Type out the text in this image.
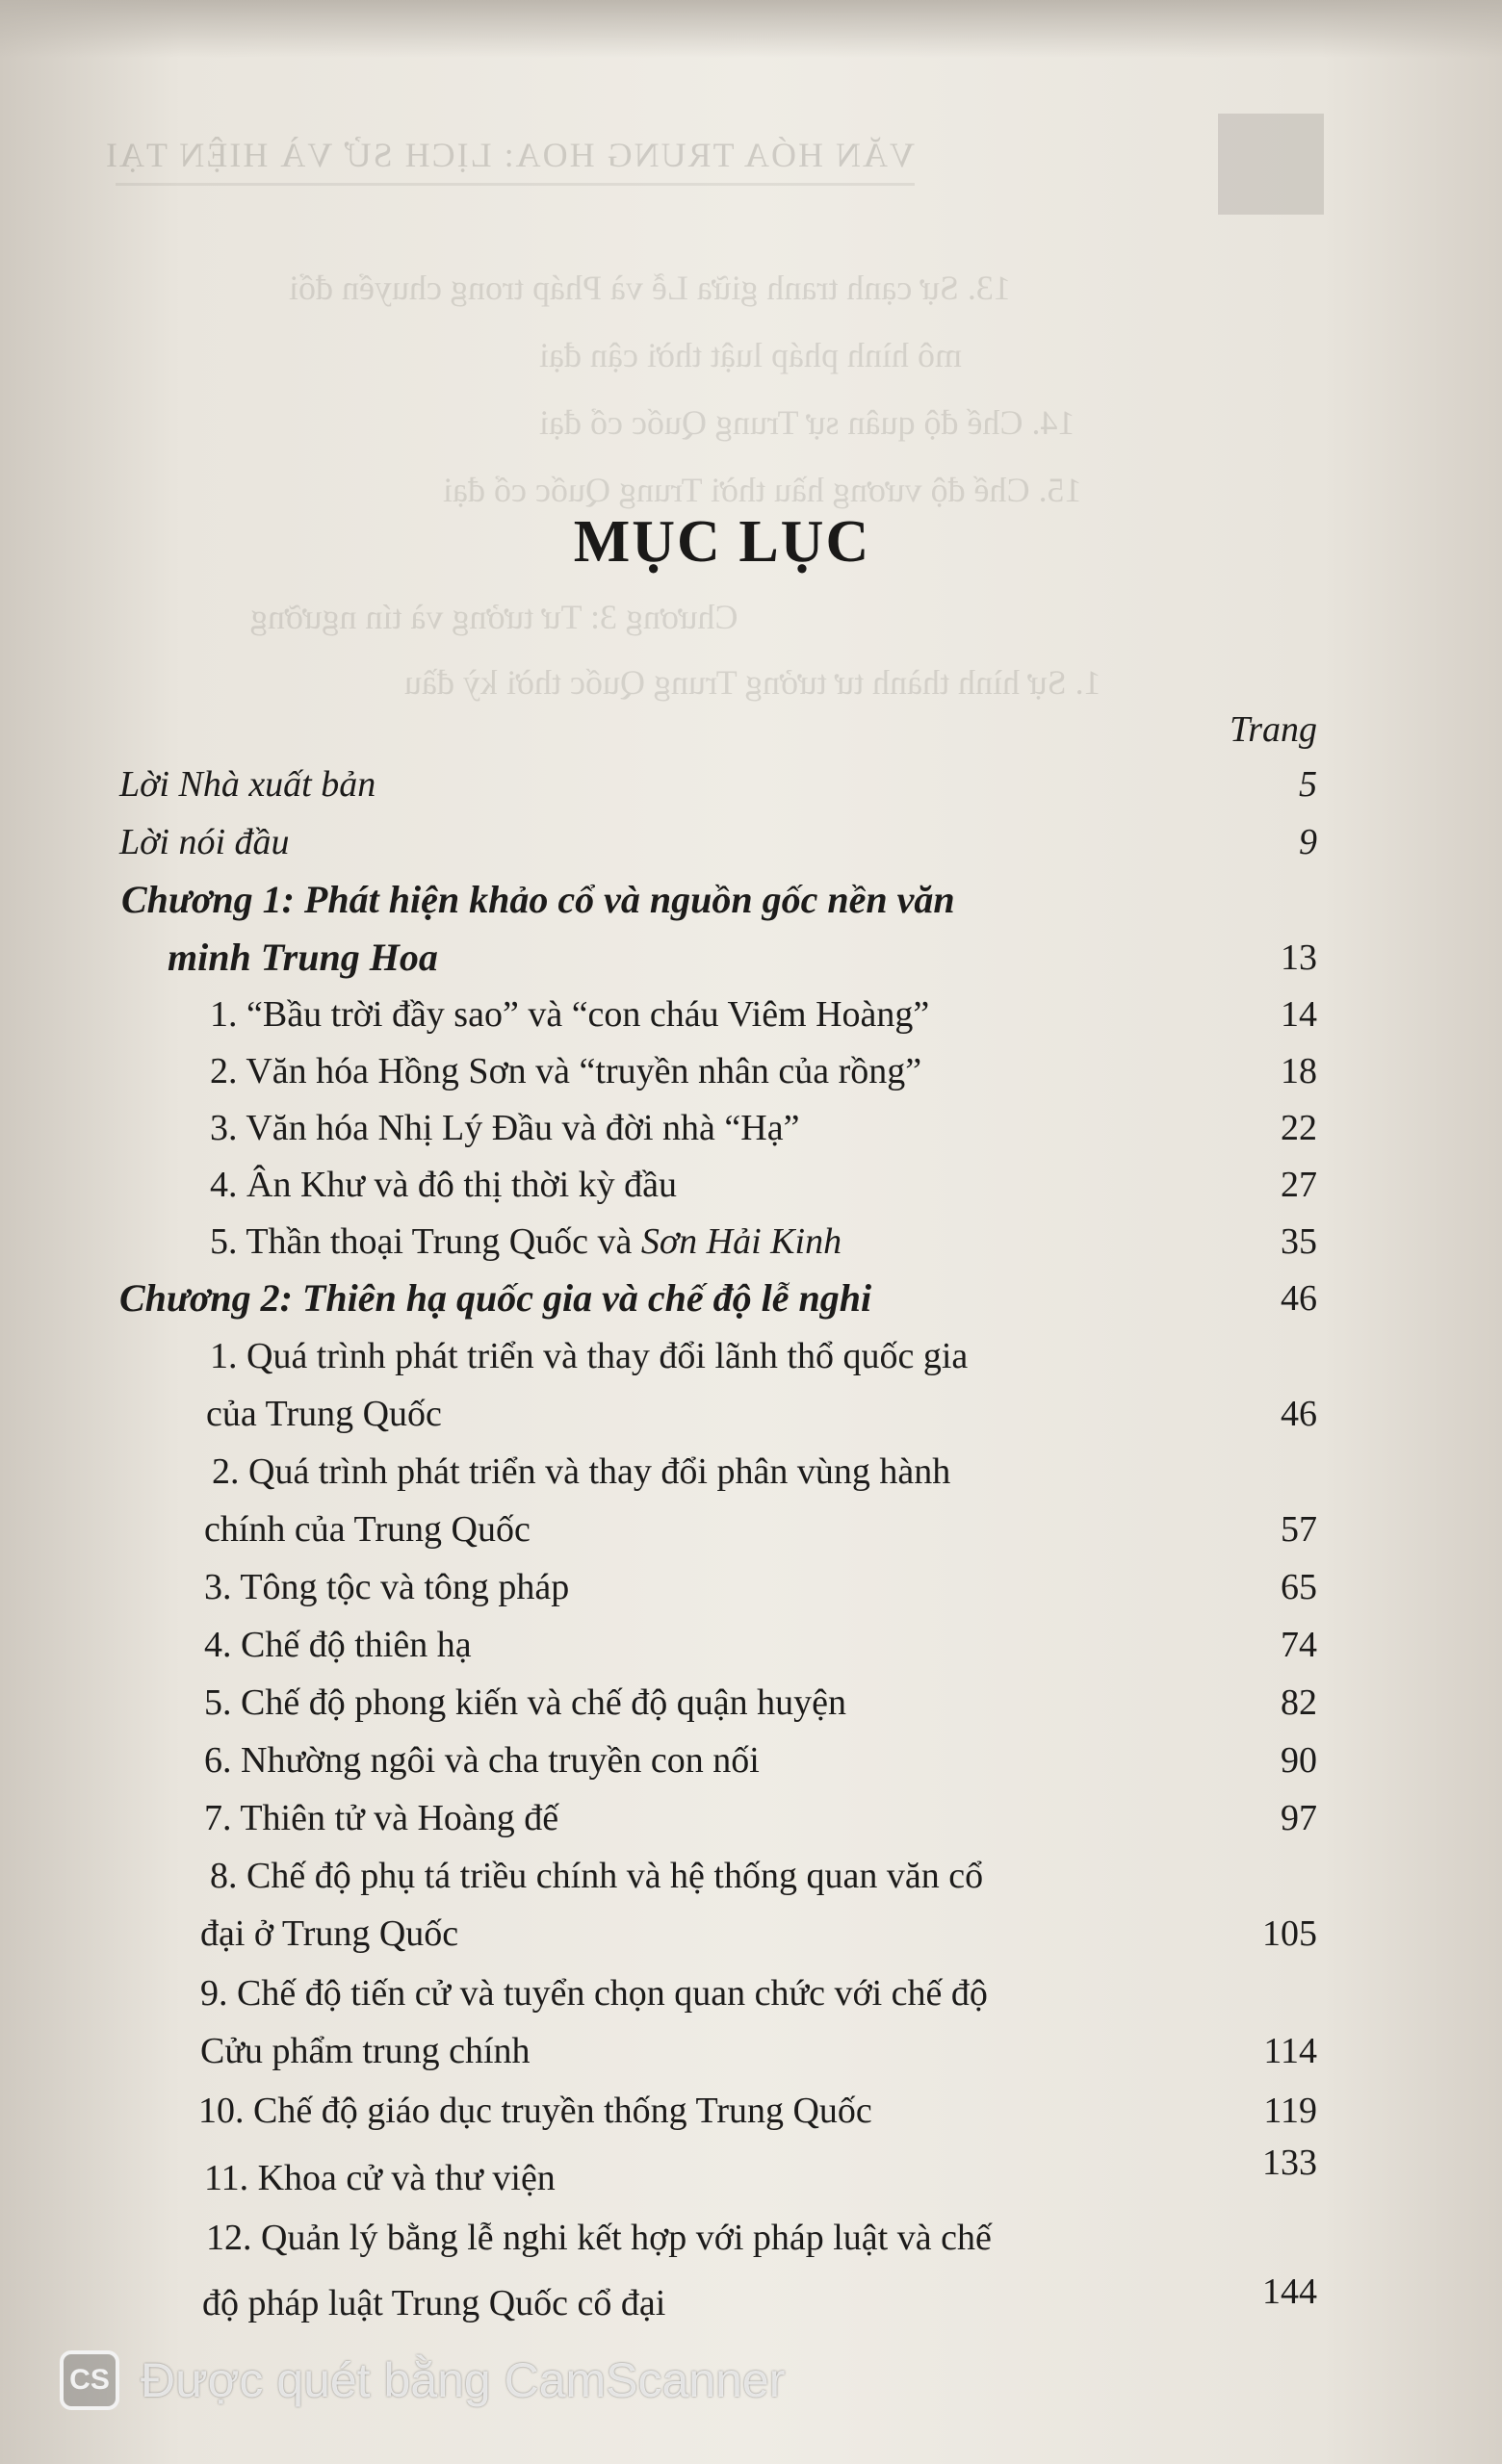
VĂN HÓA TRUNG HOA: LỊCH SỬ VÀ HIỆN TẠI
13. Sự cạnh tranh giữa Lễ và Pháp trong chuyển đổi
mô hình pháp luật thời cận đại
14. Chế độ quân sự Trung Quốc cổ đại
15. Chế độ vương hầu thời Trung Quốc cổ đại
Chương 3: Tư tưởng và tín ngưỡng
1. Sự hình thành tư tưởng Trung Quốc thời kỳ đầu
MỤC LỤC
Trang
Lời Nhà xuất bản	5
Lời nói đầu	9
Chương 1: Phát hiện khảo cổ và nguồn gốc nền văn
minh Trung Hoa	13
1. “Bầu trời đầy sao” và “con cháu Viêm Hoàng”	14
2. Văn hóa Hồng Sơn và “truyền nhân của rồng”	18
3. Văn hóa Nhị Lý Đầu và đời nhà “Hạ”	22
4. Ân Khư và đô thị thời kỳ đầu	27
5. Thần thoại Trung Quốc và Sơn Hải Kinh	35
Chương 2: Thiên hạ quốc gia và chế độ lễ nghi	46
1. Quá trình phát triển và thay đổi lãnh thổ quốc gia
của Trung Quốc	46
2. Quá trình phát triển và thay đổi phân vùng hành
chính của Trung Quốc	57
3. Tông tộc và tông pháp	65
4. Chế độ thiên hạ	74
5. Chế độ phong kiến và chế độ quận huyện	82
6. Nhường ngôi và cha truyền con nối	90
7. Thiên tử và Hoàng đế	97
8. Chế độ phụ tá triều chính và hệ thống quan văn cổ
đại ở Trung Quốc	105
9. Chế độ tiến cử và tuyển chọn quan chức với chế độ
Cửu phẩm trung chính	114
10. Chế độ giáo dục truyền thống Trung Quốc	119
11. Khoa cử và thư viện	133
12. Quản lý bằng lễ nghi kết hợp với pháp luật và chế
độ pháp luật Trung Quốc cổ đại	144
CS Được quét bằng CamScanner
